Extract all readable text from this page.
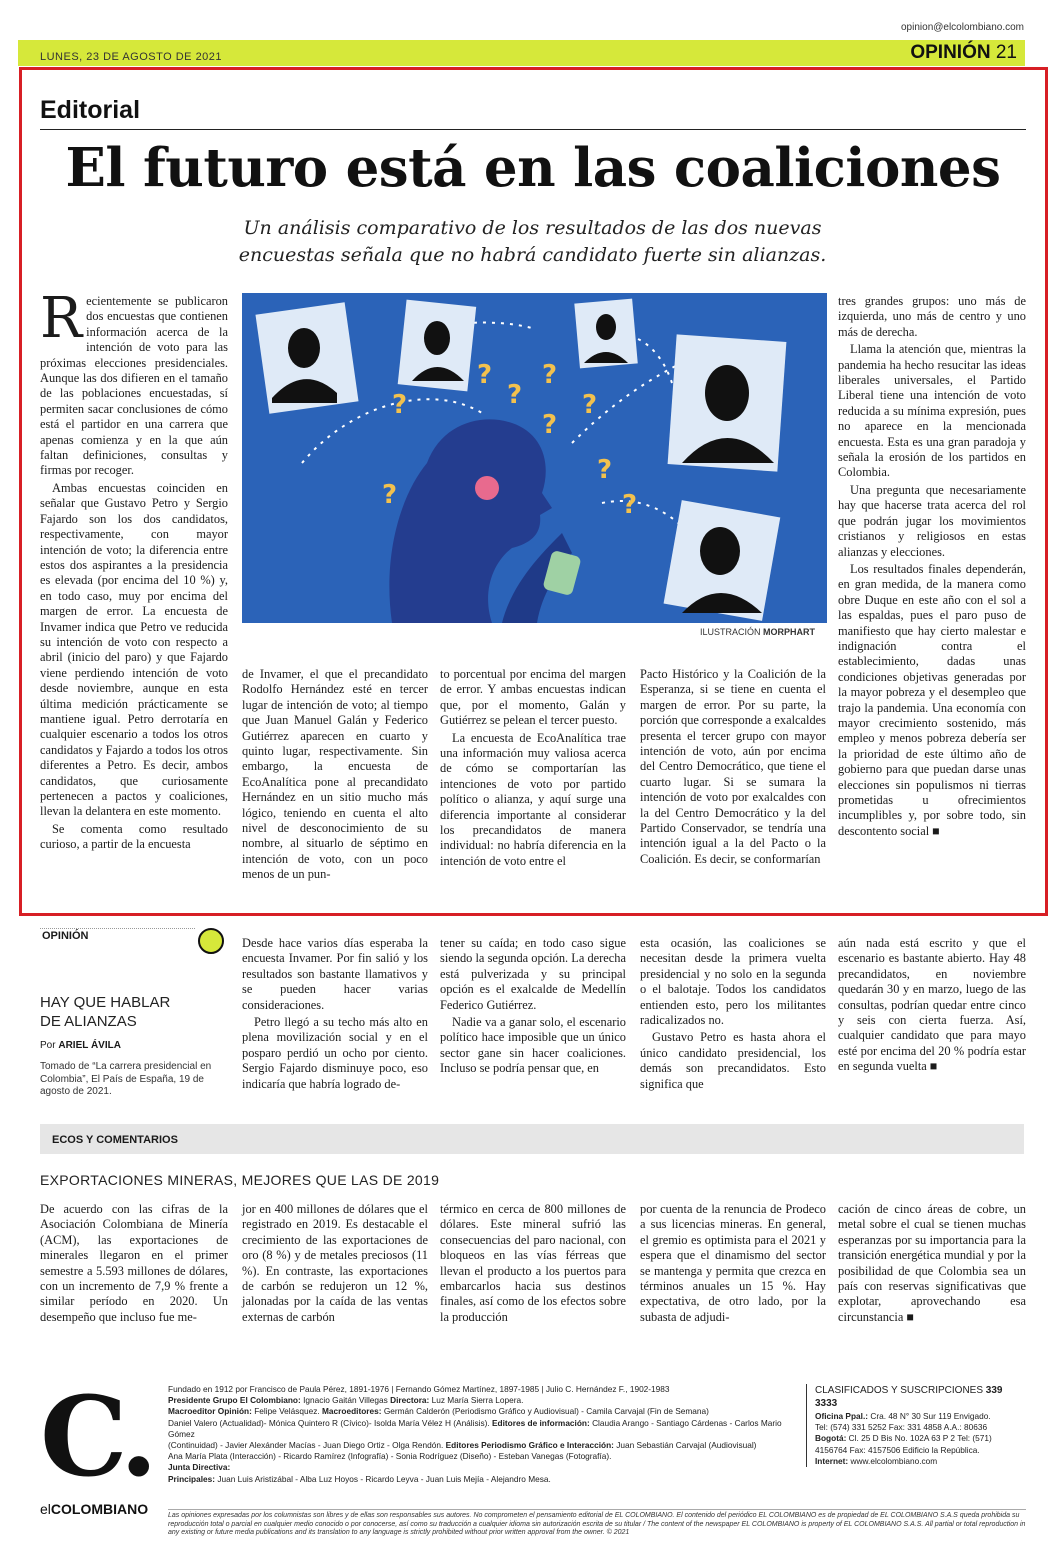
opinion@elcolombiano.com
LUNES, 23 DE AGOSTO DE 2021	OPINIÓN 21
Editorial
El futuro está en las coaliciones
Un análisis comparativo de los resultados de las dos nuevas encuestas señala que no habrá candidato fuerte sin alianzas.

Recientemente se publicaron dos encuestas que contienen información acerca de la intención de voto para las próximas elecciones presidenciales. Aunque las dos difieren en el tamaño de las poblaciones encuestadas, sí permiten sacar conclusiones de cómo está el partidor en una carrera que apenas comienza y en la que aún faltan definiciones, consultas y firmas por recoger.

Ambas encuestas coinciden en señalar que Gustavo Petro y Sergio Fajardo son los dos candidatos, respectivamente, con mayor intención de voto; la diferencia entre estos dos aspirantes a la presidencia es elevada (por encima del 10 %) y, en todo caso, muy por encima del margen de error. La encuesta de Invamer indica que Petro ve reducida su intención de voto con respecto a abril (inicio del paro) y que Fajardo viene perdiendo intención de voto desde noviembre, aunque en esta última medición prácticamente se mantiene igual. Petro derrotaría en cualquier escenario a todos los otros candidatos y Fajardo a todos los otros diferentes a Petro. Es decir, ambos candidatos, que curiosamente pertenecen a pactos y coaliciones, llevan la delantera en este momento.

Se comenta como resultado curioso, a partir de la encuesta

?
?
?
?
?
?
?
?
?
ILUSTRACIÓN MORPHART

de Invamer, el que el precandidato Rodolfo Hernández esté en tercer lugar de intención de voto; al tiempo que Juan Manuel Galán y Federico Gutiérrez aparecen en cuarto y quinto lugar, respectivamente. Sin embargo, la encuesta de EcoAnalítica pone al precandidato Hernández en un sitio mucho más lógico, teniendo en cuenta el alto nivel de desconocimiento de su nombre, al situarlo de séptimo en intención de voto, con un poco menos de un pun-

to porcentual por encima del margen de error. Y ambas encuestas indican que, por el momento, Galán y Gutiérrez se pelean el tercer puesto.

La encuesta de EcoAnalítica trae una información muy valiosa acerca de cómo se comportarían las intenciones de voto por partido político o alianza, y aquí surge una diferencia importante al considerar los precandidatos de manera individual: no habría diferencia en la intención de voto entre el

Pacto Histórico y la Coalición de la Esperanza, si se tiene en cuenta el margen de error. Por su parte, la porción que corresponde a exalcaldes presenta el tercer grupo con mayor intención de voto, aún por encima del Centro Democrático, que tiene el cuarto lugar. Si se sumara la intención de voto por exalcaldes con la del Centro Democrático y la del Partido Conservador, se tendría una intención igual a la del Pacto o la Coalición. Es decir, se conformarían

tres grandes grupos: uno más de izquierda, uno más de centro y uno más de derecha.

Llama la atención que, mientras la pandemia ha hecho resucitar las ideas liberales universales, el Partido Liberal tiene una intención de voto reducida a su mínima expresión, pues no aparece en la mencionada encuesta. Esta es una gran paradoja y señala la erosión de los partidos en Colombia.

Una pregunta que necesariamente hay que hacerse trata acerca del rol que podrán jugar los movimientos cristianos y religiosos en estas alianzas y elecciones.

Los resultados finales dependerán, en gran medida, de la manera como obre Duque en este año con el sol a las espaldas, pues el paro puso de manifiesto que hay cierto malestar e indignación contra el establecimiento, dadas unas condiciones objetivas generadas por la mayor pobreza y el desempleo que trajo la pandemia. Una economía con mayor crecimiento sostenido, más empleo y menos pobreza debería ser la prioridad de este último año de gobierno para que puedan darse unas elecciones sin populismos ni tierras prometidas u ofrecimientos incumplibles y, por sobre todo, sin descontento social ■

OPINIÓN
HAY QUE HABLAR
DE ALIANZAS
Por ARIEL ÁVILA
Tomado de “La carrera presidencial en Colombia”, El País de España, 19 de agosto de 2021.

Desde hace varios días esperaba la encuesta Invamer. Por fin salió y los resultados son bastante llamativos y se pueden hacer varias consideraciones.

Petro llegó a su techo más alto en plena movilización social y en el posparo perdió un ocho por ciento. Sergio Fajardo disminuye poco, eso indicaría que habría logrado de-

tener su caída; en todo caso sigue siendo la segunda opción. La derecha está pulverizada y su principal opción es el exalcalde de Medellín Federico Gutiérrez.

Nadie va a ganar solo, el escenario político hace imposible que un único sector gane sin hacer coaliciones. Incluso se podría pensar que, en

esta ocasión, las coaliciones se necesitan desde la primera vuelta presidencial y no solo en la segunda o el balotaje. Todos los candidatos entienden esto, pero los militantes radicalizados no.

Gustavo Petro es hasta ahora el único candidato presidencial, los demás son precandidatos. Esto significa que

aún nada está escrito y que el escenario es bastante abierto. Hay 48 precandidatos, en noviembre quedarán 30 y en marzo, luego de las consultas, podrían quedar entre cinco y seis con cierta fuerza. Así, cualquier candidato que para mayo esté por encima del 20 % podría estar en segunda vuelta ■

ECOS Y COMENTARIOS
EXPORTACIONES MINERAS, MEJORES QUE LAS DE 2019

De acuerdo con las cifras de la Asociación Colombiana de Minería (ACM), las exportaciones de minerales llegaron en el primer semestre a 5.593 millones de dólares, con un incremento de 7,9 % frente a similar período en 2020. Un desempeño que incluso fue me-

jor en 400 millones de dólares que el registrado en 2019. Es destacable el crecimiento de las exportaciones de oro (8 %) y de metales preciosos (11 %). En contraste, las exportaciones de carbón se redujeron un 12 %, jalonadas por la caída de las ventas externas de carbón

térmico en cerca de 800 millones de dólares. Este mineral sufrió las consecuencias del paro nacional, con bloqueos en las vías férreas que llevan el producto a los puertos para embarcarlos hacia sus destinos finales, así como de los efectos sobre la producción

por cuenta de la renuncia de Prodeco a sus licencias mineras. En general, el gremio es optimista para el 2021 y espera que el dinamismo del sector se mantenga y permita que crezca en términos anuales un 15 %. Hay expectativa, de otro lado, por la subasta de adjudi-

cación de cinco áreas de cobre, un metal sobre el cual se tienen muchas esperanzas por su importancia para la transición energética mundial y por la posibilidad de que Colombia sea un país con reservas significativas que explotar, aprovechando esa circunstancia ■

C.
elCOLOMBIANO
Fundado en 1912 por Francisco de Paula Pérez, 1891-1976 | Fernando Gómez Martínez, 1897-1985 | Julio C. Hernández F., 1902-1983
Presidente Grupo El Colombiano: Ignacio Gaitán Villegas Directora: Luz María Sierra Lopera.
Macroeditor Opinión: Felipe Velásquez. Macroeditores: Germán Calderón (Periodismo Gráfico y Audiovisual) - Camila Carvajal (Fin de Semana)
Daniel Valero (Actualidad)- Mónica Quintero R (Cívico)- Isolda María Vélez H (Análisis). Editores de información: Claudia Arango - Santiago Cárdenas - Carlos Mario Gómez
(Continuidad) - Javier Alexánder Macías - Juan Diego Ortiz - Olga Rendón. Editores Periodismo Gráfico e Interacción: Juan Sebastián Carvajal (Audiovisual)
Ana María Plata (Interacción) - Ricardo Ramírez (Infografía) - Sonia Rodríguez (Diseño) - Esteban Vanegas (Fotografía).
Junta Directiva:
Principales: Juan Luis Aristizábal - Alba Luz Hoyos - Ricardo Leyva - Juan Luis Mejía - Alejandro Mesa.
CLASIFICADOS Y SUSCRIPCIONES 339 3333
Oficina Ppal.: Cra. 48 N° 30 Sur 119 Envigado.
Tel: (574) 331 5252 Fax: 331 4858 A.A.: 80636
Bogotá: Cl. 25 D Bis No. 102A 63 P 2 Tel: (571)
4156764 Fax: 4157506 Edificio la República.
Internet: www.elcolombiano.com
Las opiniones expresadas por los columnistas son libres y de ellas son responsables sus autores. No comprometen el pensamiento editorial de EL COLOMBIANO. El contenido del periódico EL COLOMBIANO es de propiedad de EL COLOMBIANO S.A.S queda prohibida su reproducción total o parcial en cualquier medio conocido o por conocerse, así como su traducción a cualquier idioma sin autorización escrita de su titular / The content of the newspaper EL COLOMBIANO is property of EL COLOMBIANO S.A.S. All partial or total reproduction in any existing or future media publications and its translation to any language is strictly prohibited without prior written approval from the owner. © 2021
